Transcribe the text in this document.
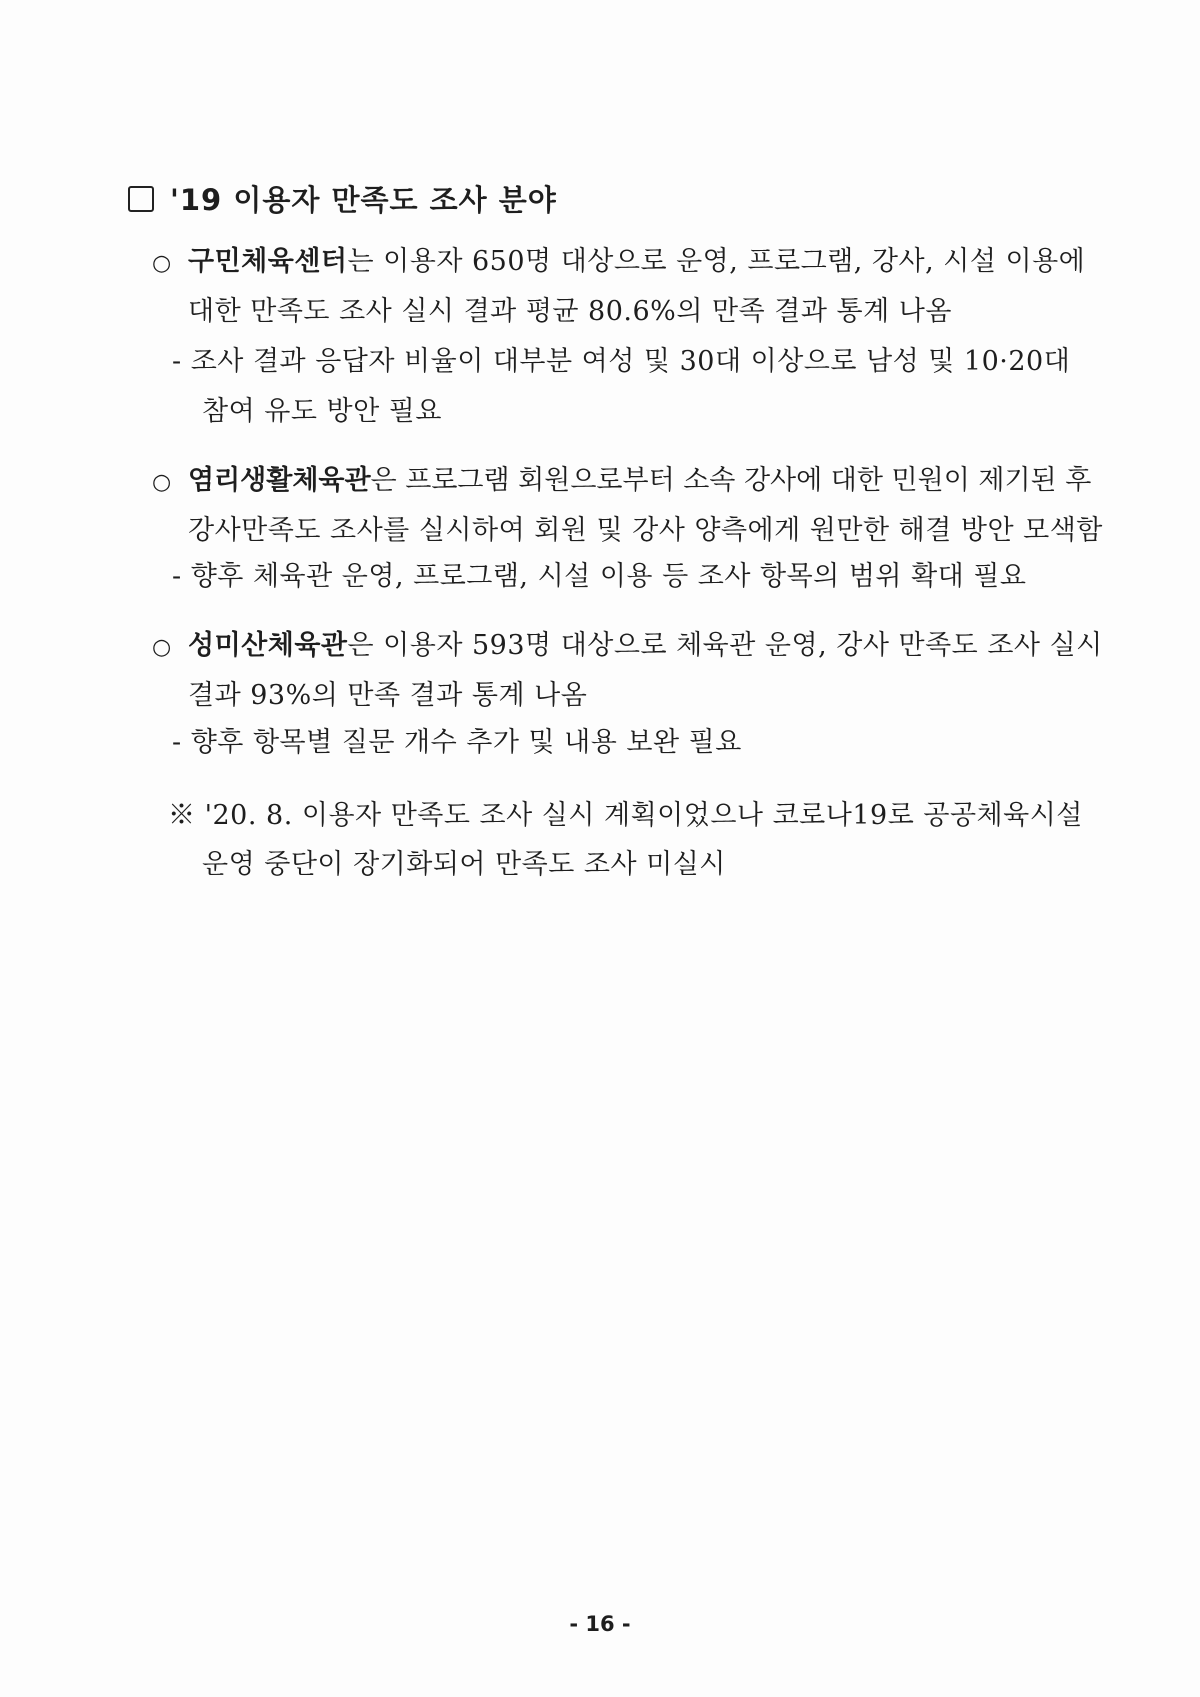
'19 이용자 만족도 조사 분야
○ 구민체육센터는 이용자 650명 대상으로 운영, 프로그램, 강사, 시설 이용에
대한 만족도 조사 실시 결과 평균 80.6%의 만족 결과 통계 나옴
- 조사 결과 응답자 비율이 대부분 여성 및 30대 이상으로 남성 및 10·20대
참여 유도 방안 필요
○ 염리생활체육관은 프로그램 회원으로부터 소속 강사에 대한 민원이 제기된 후
강사만족도 조사를 실시하여 회원 및 강사 양측에게 원만한 해결 방안 모색함
- 향후 체육관 운영, 프로그램, 시설 이용 등 조사 항목의 범위 확대 필요
○ 성미산체육관은 이용자 593명 대상으로 체육관 운영, 강사 만족도 조사 실시
결과 93%의 만족 결과 통계 나옴
- 향후 항목별 질문 개수 추가 및 내용 보완 필요
※ '20. 8. 이용자 만족도 조사 실시 계획이었으나 코로나19로 공공체육시설
운영 중단이 장기화되어 만족도 조사 미실시
- 16 -
